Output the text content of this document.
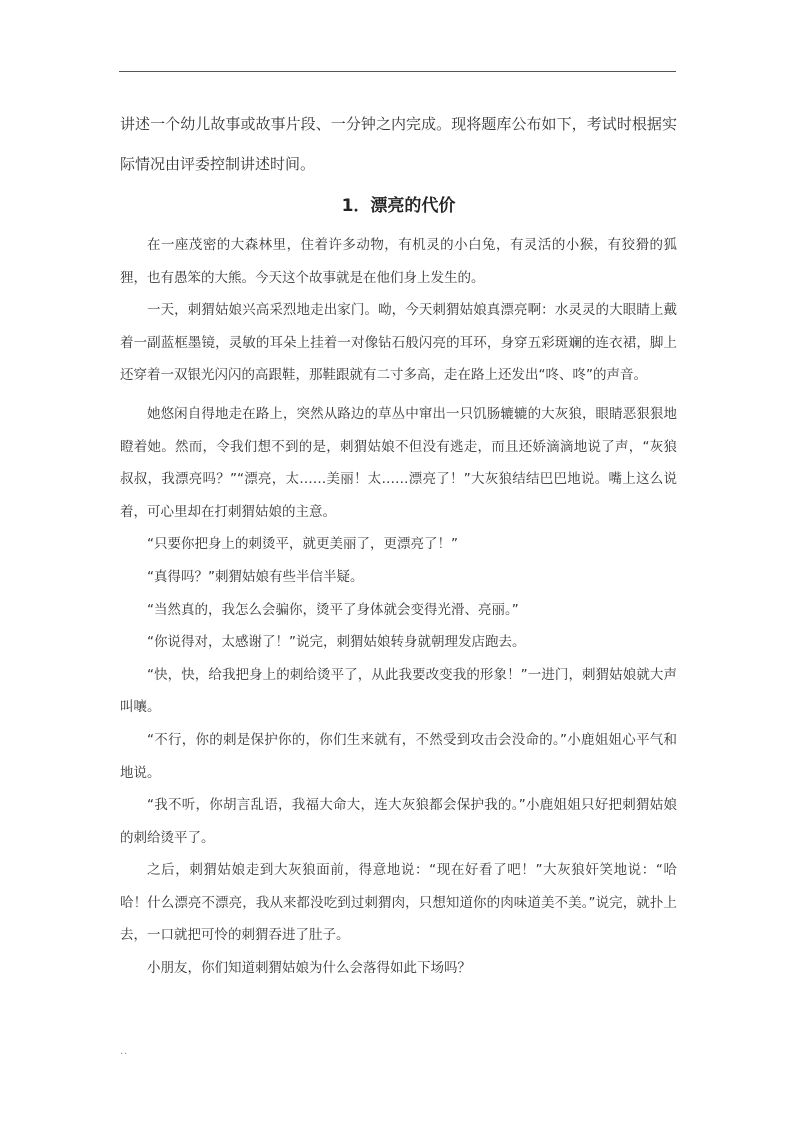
讲述一个幼儿故事或故事片段、一分钟之内完成。现将题库公布如下，考试时根据实际情况由评委控制讲述时间。

1．漂亮的代价

在一座茂密的大森林里，住着许多动物，有机灵的小白兔，有灵活的小猴，有狡猾的狐狸，也有愚笨的大熊。今天这个故事就是在他们身上发生的。

一天，刺猬姑娘兴高采烈地走出家门。呦，今天刺猬姑娘真漂亮啊：水灵灵的大眼睛上戴着一副蓝框墨镜，灵敏的耳朵上挂着一对像钻石般闪亮的耳环，身穿五彩斑斓的连衣裙，脚上还穿着一双银光闪闪的高跟鞋，那鞋跟就有二寸多高，走在路上还发出“咚、咚”的声音。

她悠闲自得地走在路上，突然从路边的草丛中窜出一只饥肠辘辘的大灰狼，眼睛恶狠狠地瞪着她。然而，令我们想不到的是，刺猬姑娘不但没有逃走，而且还娇滴滴地说了声，“灰狼叔叔，我漂亮吗？”“漂亮，太……美丽！太……漂亮了！”大灰狼结结巴巴地说。嘴上这么说着，可心里却在打刺猬姑娘的主意。

“只要你把身上的刺烫平，就更美丽了，更漂亮了！”

“真得吗？”刺猬姑娘有些半信半疑。

“当然真的，我怎么会骗你，烫平了身体就会变得光滑、亮丽。”

“你说得对，太感谢了！”说完，刺猬姑娘转身就朝理发店跑去。

“快，快，给我把身上的刺给烫平了，从此我要改变我的形象！”一进门，刺猬姑娘就大声叫嚷。

“不行，你的刺是保护你的，你们生来就有，不然受到攻击会没命的。”小鹿姐姐心平气和地说。

“我不听，你胡言乱语，我福大命大，连大灰狼都会保护我的。”小鹿姐姐只好把刺猬姑娘的刺给烫平了。

之后，刺猬姑娘走到大灰狼面前，得意地说：“现在好看了吧！”大灰狼奸笑地说：“哈哈！什么漂亮不漂亮，我从来都没吃到过刺猬肉，只想知道你的肉味道美不美。”说完，就扑上去，一口就把可怜的刺猬吞进了肚子。

小朋友，你们知道刺猬姑娘为什么会落得如此下场吗？

..
